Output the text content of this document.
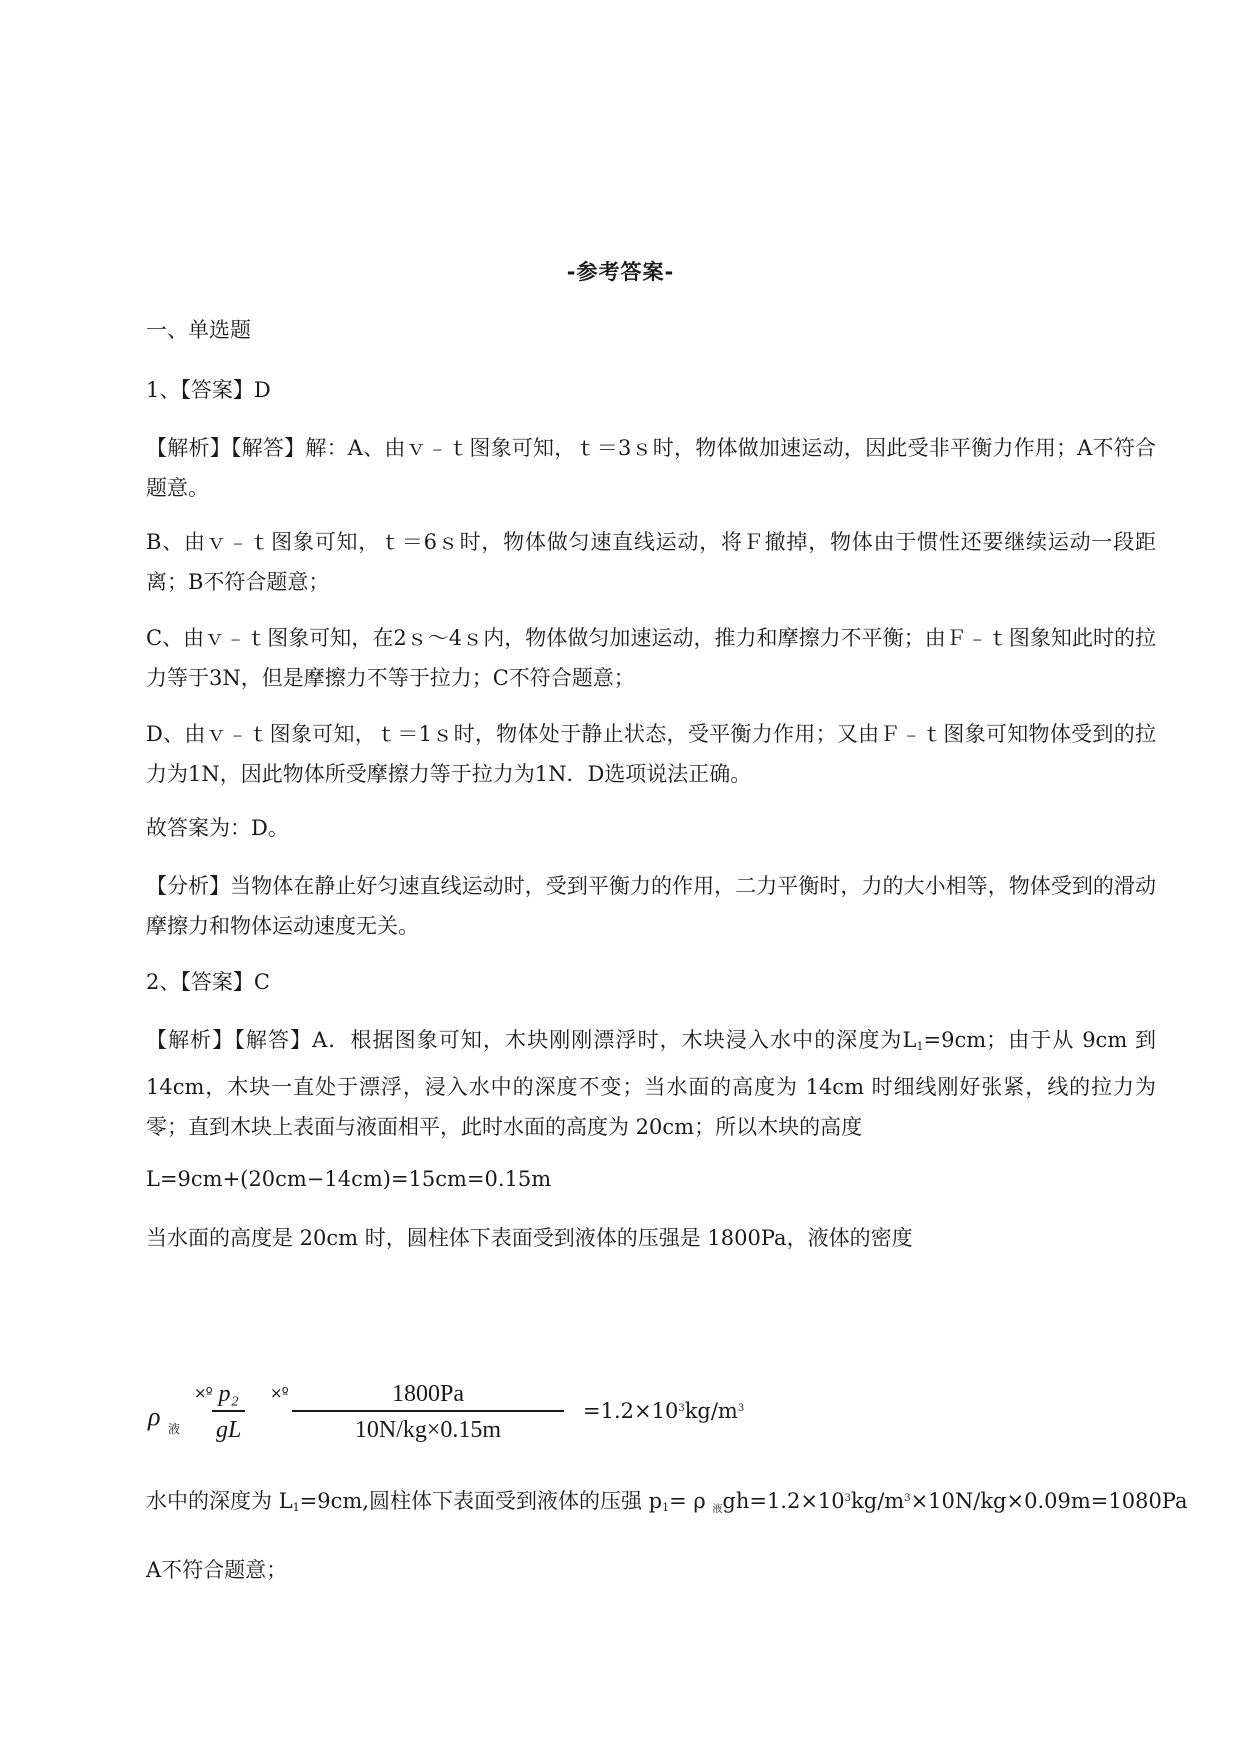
-参考答案-

一、单选题

1、【答案】D

【解析】【解答】解：A、由ｖ﹣ｔ图象可知，ｔ＝3ｓ时，物体做加速运动，因此受非平衡力作用；A不符合题意。

B、由ｖ﹣ｔ图象可知，ｔ＝6ｓ时，物体做匀速直线运动，将Ｆ撤掉，物体由于惯性还要继续运动一段距离；B不符合题意；

C、由ｖ﹣ｔ图象可知，在2ｓ～4ｓ内，物体做匀加速运动，推力和摩擦力不平衡；由Ｆ﹣ｔ图象知此时的拉力等于3N，但是摩擦力不等于拉力；C不符合题意；

D、由ｖ﹣ｔ图象可知，ｔ＝1ｓ时，物体处于静止状态，受平衡力作用；又由Ｆ﹣ｔ图象可知物体受到的拉力为1N，因此物体所受摩擦力等于拉力为1N．D选项说法正确。

故答案为：D。

【分析】当物体在静止好匀速直线运动时，受到平衡力的作用，二力平衡时，力的大小相等，物体受到的滑动摩擦力和物体运动速度无关。

2、【答案】C

【解析】【解答】A．根据图象可知，木块刚刚漂浮时，木块浸入水中的深度为$L_1=9cm$；由于从 9cm 到 14cm，木块一直处于漂浮，浸入水中的深度不变；当水面的高度为 14cm 时细线刚好张紧，线的拉力为零；直到木块上表面与液面相平，此时水面的高度为 20cm；所以木块的高度

L=9cm+(20cm−14cm)=15cm=0.15m

当水面的高度是 20cm 时，圆柱体下表面受到液体的压强是 1800Pa，液体的密度

ρ 液
×º $\frac{\text{p₂}}{gL}$ ×º $\frac{1800Pa}{10N/kg\times 0.15m} =1.2\times 10^3kg/m^3$
水中的深度为 $L_1=9cm$,圆柱体下表面受到液体的压强 $p_1= \rho$ $_液gh=1.2\times 10^3kg/m^3\times 10N/kg\times 0.09m=1080Pa$

A不符合题意；
